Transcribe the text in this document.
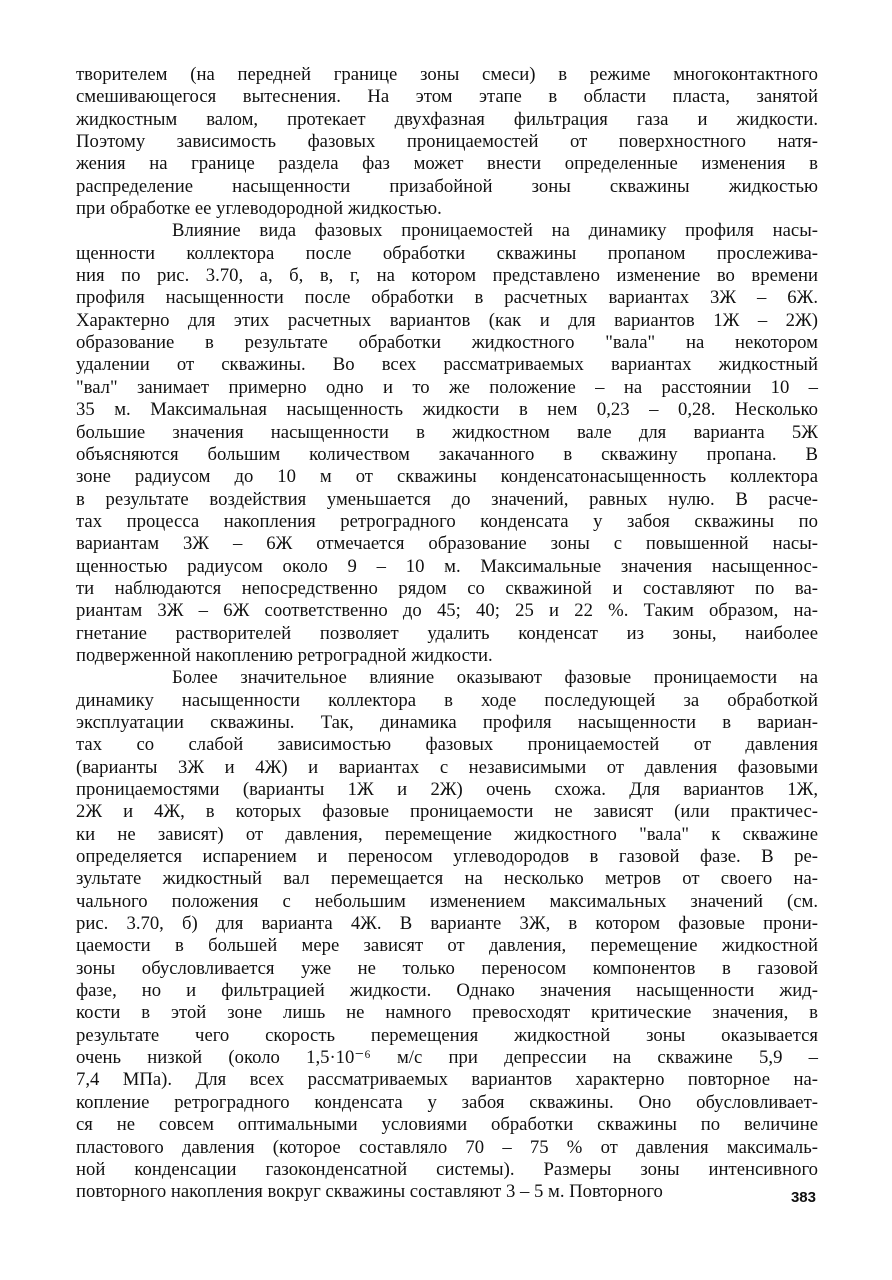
творителем (на передней границе зоны смеси) в режиме многоконтактного
смешивающегося вытеснения. На этом этапе в области пласта, занятой
жидкостным валом, протекает двухфазная фильтрация газа и жидкости.
Поэтому зависимость фазовых проницаемостей от поверхностного натя-
жения на границе раздела фаз может внести определенные изменения в
распределение насыщенности призабойной зоны скважины жидкостью
при обработке ее углеводородной жидкостью.
Влияние вида фазовых проницаемостей на динамику профиля насы-
щенности коллектора после обработки скважины пропаном прослежива-
ния по рис. 3.70, а, б, в, г, на котором представлено изменение во времени
профиля насыщенности после обработки в расчетных вариантах 3Ж – 6Ж.
Характерно для этих расчетных вариантов (как и для вариантов 1Ж – 2Ж)
образование в результате обработки жидкостного "вала" на некотором
удалении от скважины. Во всех рассматриваемых вариантах жидкостный
"вал" занимает примерно одно и то же положение – на расстоянии 10 –
35 м. Максимальная насыщенность жидкости в нем 0,23 – 0,28. Несколько
большие значения насыщенности в жидкостном вале для варианта 5Ж
объясняются большим количеством закачанного в скважину пропана. В
зоне радиусом до 10 м от скважины конденсатонасыщенность коллектора
в результате воздействия уменьшается до значений, равных нулю. В расче-
тах процесса накопления ретроградного конденсата у забоя скважины по
вариантам 3Ж – 6Ж отмечается образование зоны с повышенной насы-
щенностью радиусом около 9 – 10 м. Максимальные значения насыщеннос-
ти наблюдаются непосредственно рядом со скважиной и составляют по ва-
риантам 3Ж – 6Ж соответственно до 45; 40; 25 и 22 %. Таким образом, на-
гнетание растворителей позволяет удалить конденсат из зоны, наиболее
подверженной накоплению ретроградной жидкости.
Более значительное влияние оказывают фазовые проницаемости на
динамику насыщенности коллектора в ходе последующей за обработкой
эксплуатации скважины. Так, динамика профиля насыщенности в вариан-
тах со слабой зависимостью фазовых проницаемостей от давления
(варианты 3Ж и 4Ж) и вариантах с независимыми от давления фазовыми
проницаемостями (варианты 1Ж и 2Ж) очень схожа. Для вариантов 1Ж,
2Ж и 4Ж, в которых фазовые проницаемости не зависят (или практичес-
ки не зависят) от давления, перемещение жидкостного "вала" к скважине
определяется испарением и переносом углеводородов в газовой фазе. В ре-
зультате жидкостный вал перемещается на несколько метров от своего на-
чального положения с небольшим изменением максимальных значений (см.
рис. 3.70, б) для варианта 4Ж. В варианте 3Ж, в котором фазовые прони-
цаемости в большей мере зависят от давления, перемещение жидкостной
зоны обусловливается уже не только переносом компонентов в газовой
фазе, но и фильтрацией жидкости. Однако значения насыщенности жид-
кости в этой зоне лишь не намного превосходят критические значения, в
результате чего скорость перемещения жидкостной зоны оказывается
очень низкой (около 1,5·10⁻⁶ м/с при депрессии на скважине 5,9 –
7,4 МПа). Для всех рассматриваемых вариантов характерно повторное на-
копление ретроградного конденсата у забоя скважины. Оно обусловливает-
ся не совсем оптимальными условиями обработки скважины по величине
пластового давления (которое составляло 70 – 75 % от давления максималь-
ной конденсации газоконденсатной системы). Размеры зоны интенсивного
повторного накопления вокруг скважины составляют 3 – 5 м. Повторного	383
